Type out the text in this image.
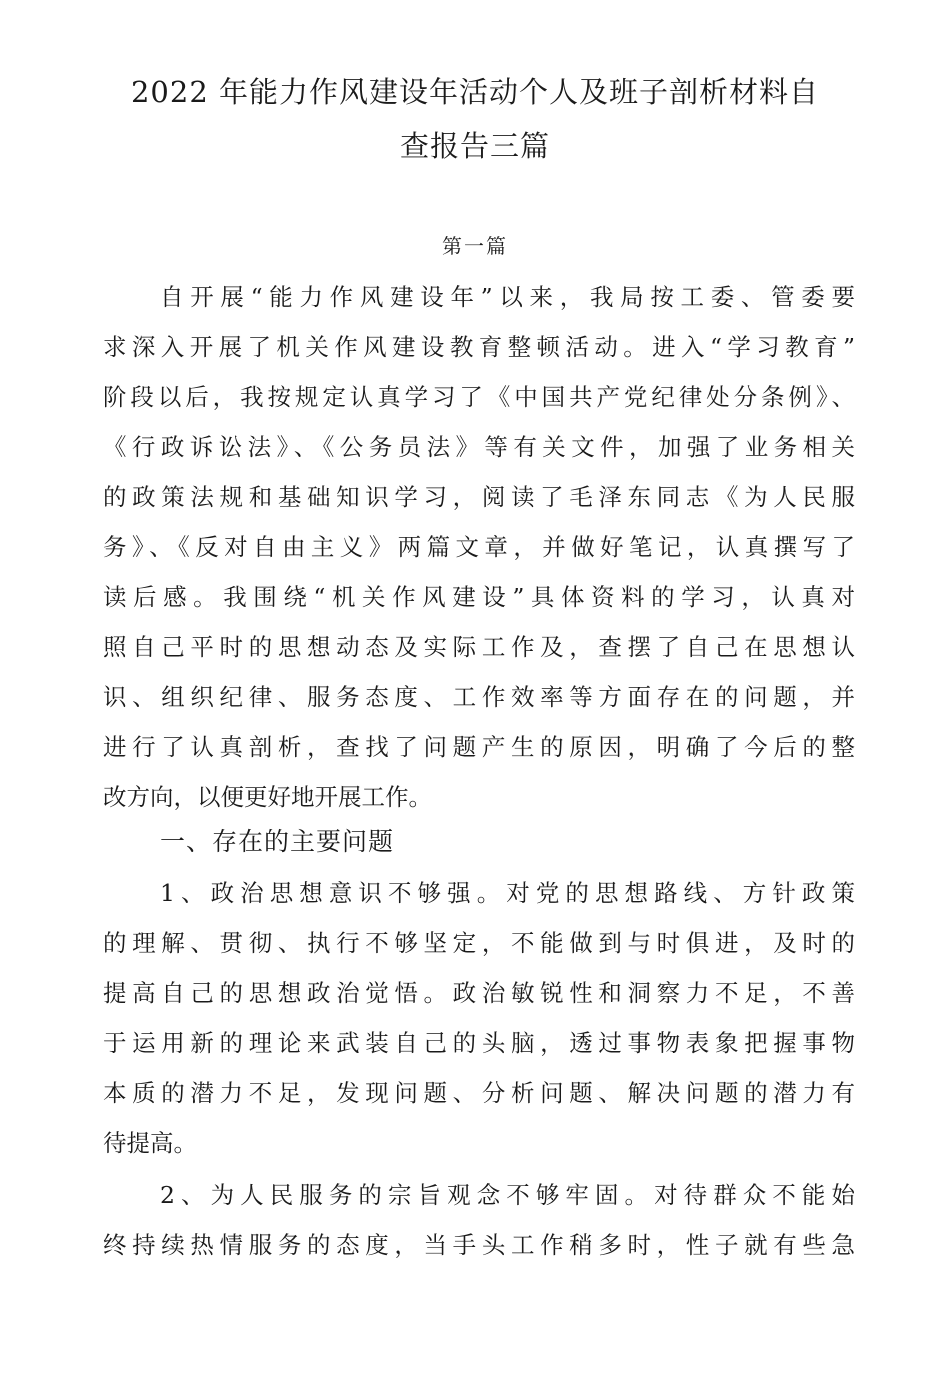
2022 年能力作风建设年活动个人及班子剖析材料自
查报告三篇
第一篇
自开展“能力作风建设年”以来，我局按工委、管委要
求深入开展了机关作风建设教育整顿活动。进入“学习教育”
阶段以后，我按规定认真学习了《中国共产党纪律处分条例》、
《行政诉讼法》、《公务员法》等有关文件，加强了业务相关
的政策法规和基础知识学习，阅读了毛泽东同志《为人民服
务》、《反对自由主义》两篇文章，并做好笔记，认真撰写了
读后感。我围绕“机关作风建设”具体资料的学习，认真对
照自己平时的思想动态及实际工作及，查摆了自己在思想认
识、组织纪律、服务态度、工作效率等方面存在的问题，并
进行了认真剖析，查找了问题产生的原因，明确了今后的整
改方向，以便更好地开展工作。
一、存在的主要问题
1、政治思想意识不够强。对党的思想路线、方针政策
的理解、贯彻、执行不够坚定，不能做到与时俱进，及时的
提高自己的思想政治觉悟。政治敏锐性和洞察力不足，不善
于运用新的理论来武装自己的头脑，透过事物表象把握事物
本质的潜力不足，发现问题、分析问题、解决问题的潜力有
待提高。
2、为人民服务的宗旨观念不够牢固。对待群众不能始
终持续热情服务的态度，当手头工作稍多时，性子就有些急
